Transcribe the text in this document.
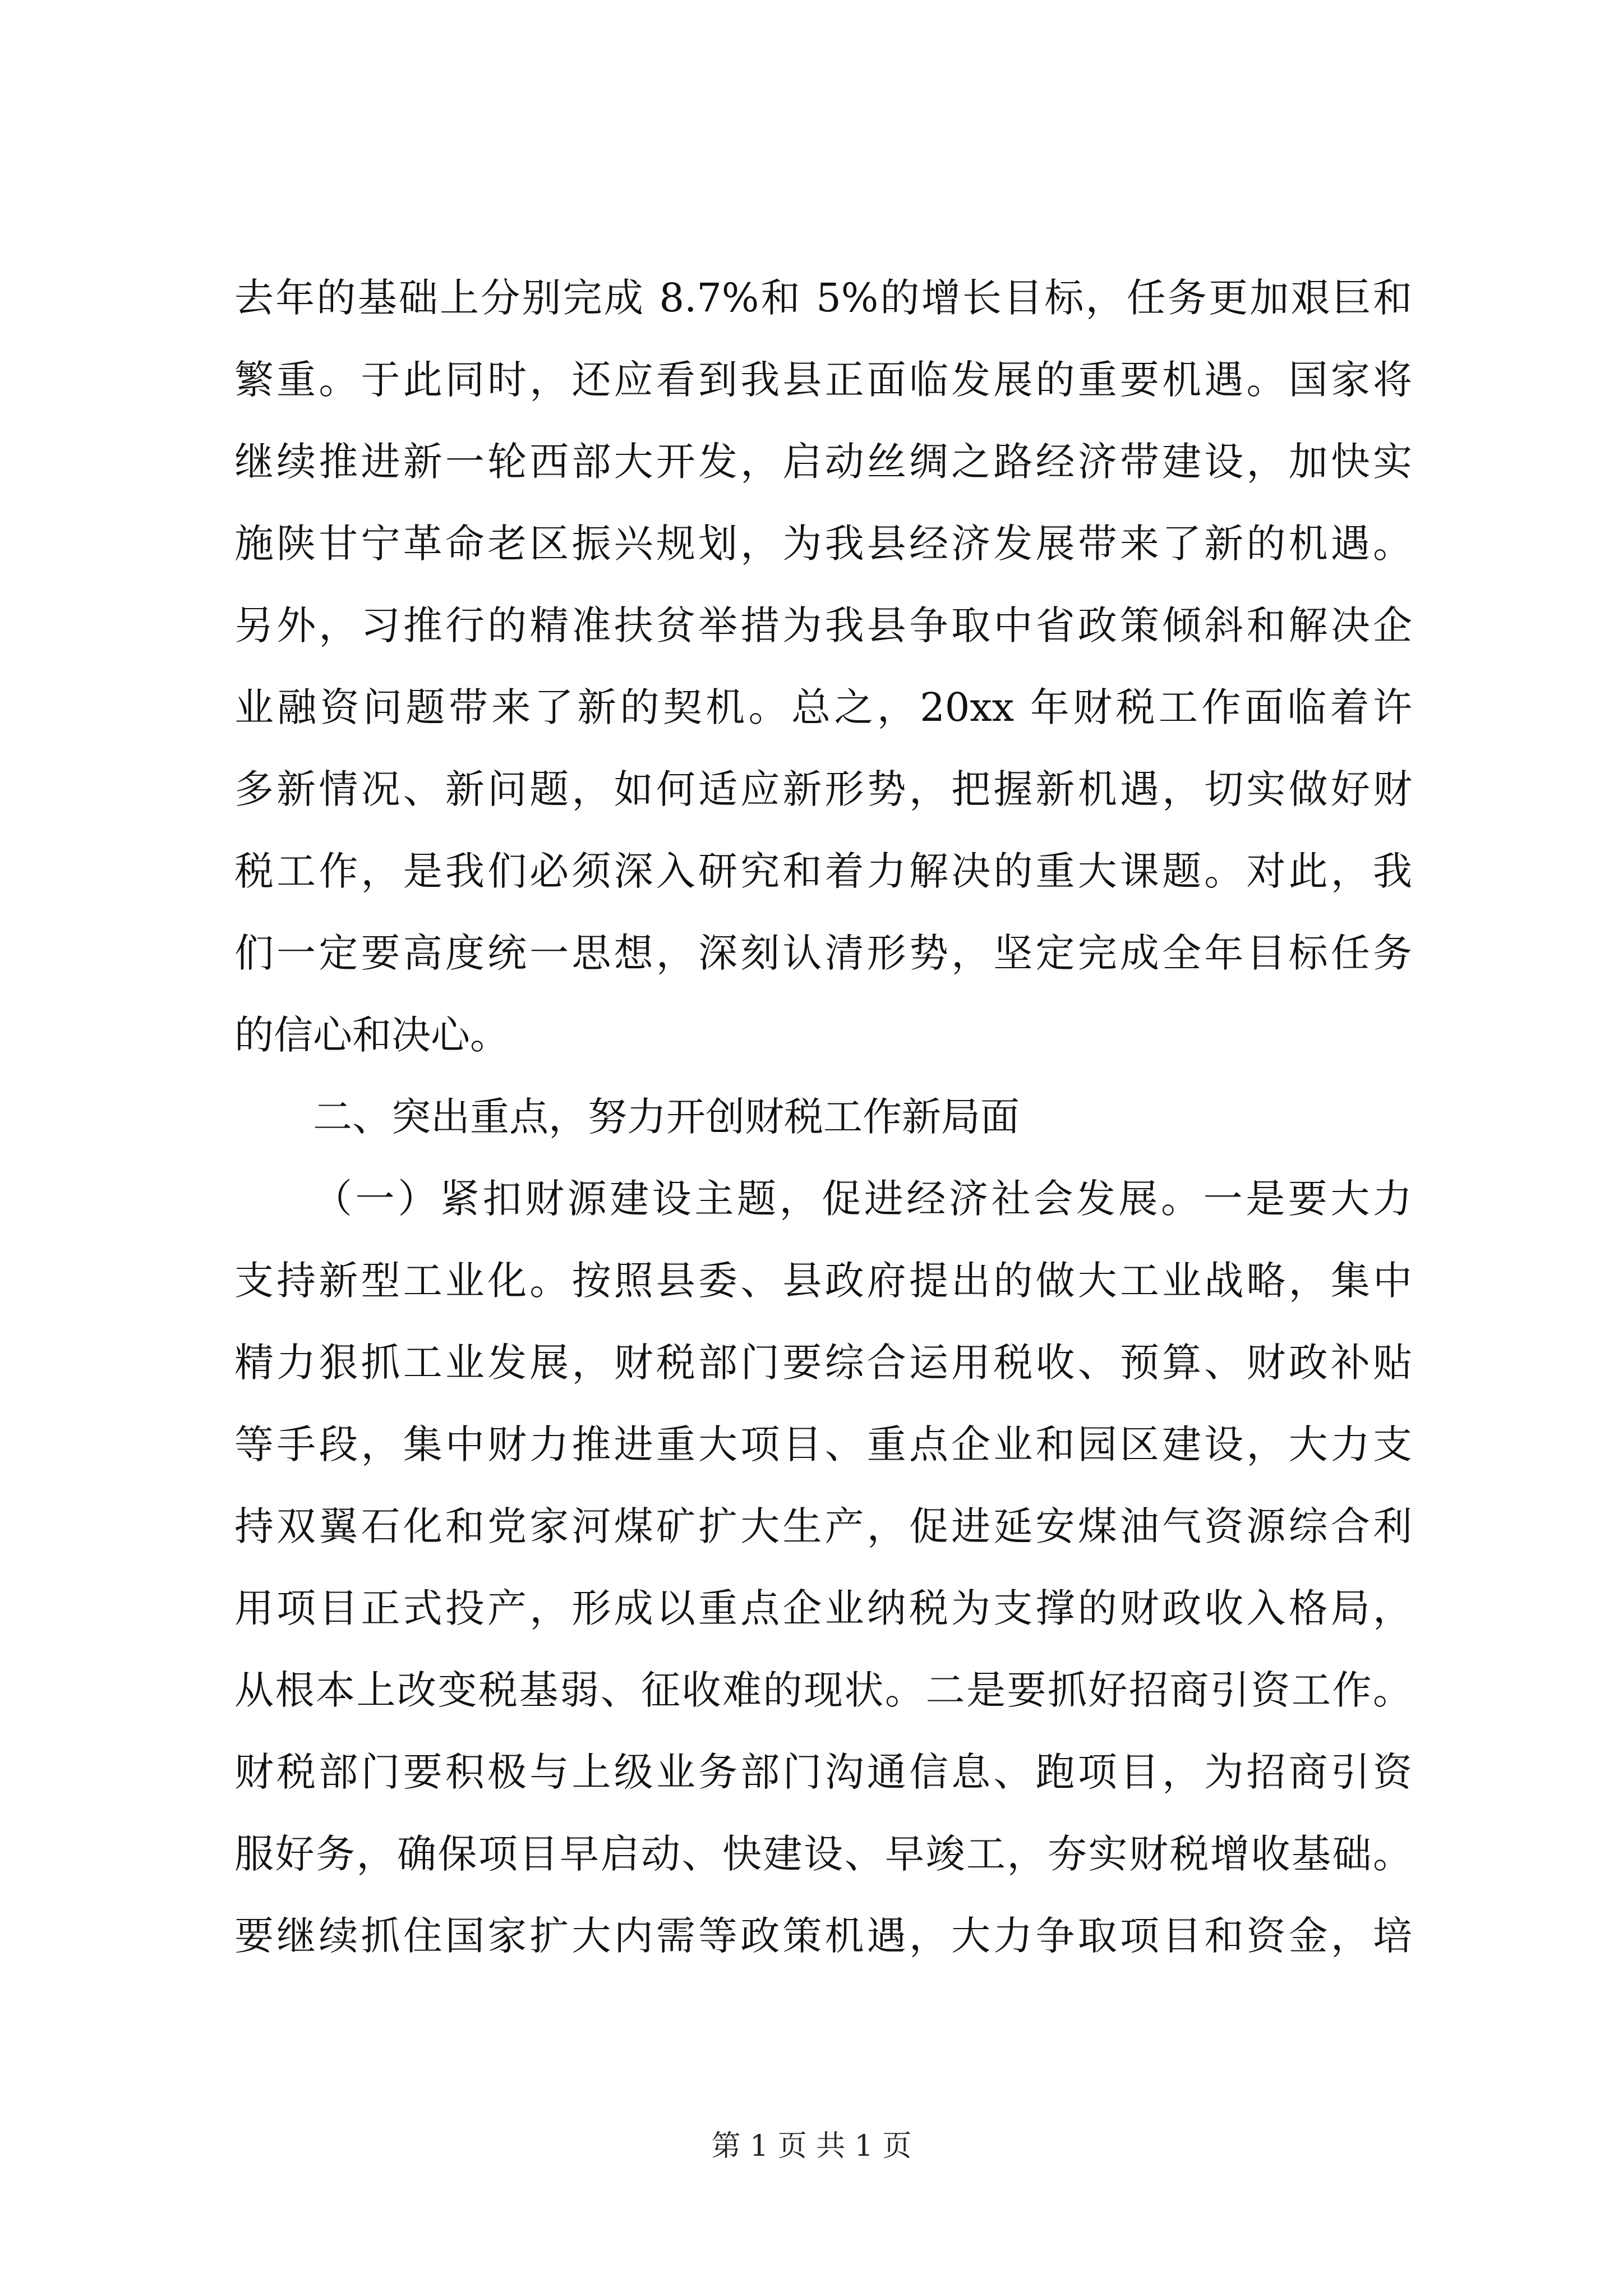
去年的基础上分别完成 8.7%和 5%的增长目标，任务更加艰巨和
繁重。于此同时，还应看到我县正面临发展的重要机遇。国家将
继续推进新一轮西部大开发，启动丝绸之路经济带建设，加快实
施陕甘宁革命老区振兴规划，为我县经济发展带来了新的机遇。
另外，习推行的精准扶贫举措为我县争取中省政策倾斜和解决企
业融资问题带来了新的契机。总之，20xx 年财税工作面临着许
多新情况、新问题，如何适应新形势，把握新机遇，切实做好财
税工作，是我们必须深入研究和着力解决的重大课题。对此，我
们一定要高度统一思想，深刻认清形势，坚定完成全年目标任务
的信心和决心。
二、突出重点，努力开创财税工作新局面
（一）紧扣财源建设主题，促进经济社会发展。一是要大力
支持新型工业化。按照县委、县政府提出的做大工业战略，集中
精力狠抓工业发展，财税部门要综合运用税收、预算、财政补贴
等手段，集中财力推进重大项目、重点企业和园区建设，大力支
持双翼石化和党家河煤矿扩大生产，促进延安煤油气资源综合利
用项目正式投产，形成以重点企业纳税为支撑的财政收入格局，
从根本上改变税基弱、征收难的现状。二是要抓好招商引资工作。
财税部门要积极与上级业务部门沟通信息、跑项目，为招商引资
服好务，确保项目早启动、快建设、早竣工，夯实财税增收基础。
要继续抓住国家扩大内需等政策机遇，大力争取项目和资金，培
第 1 页 共 1 页
